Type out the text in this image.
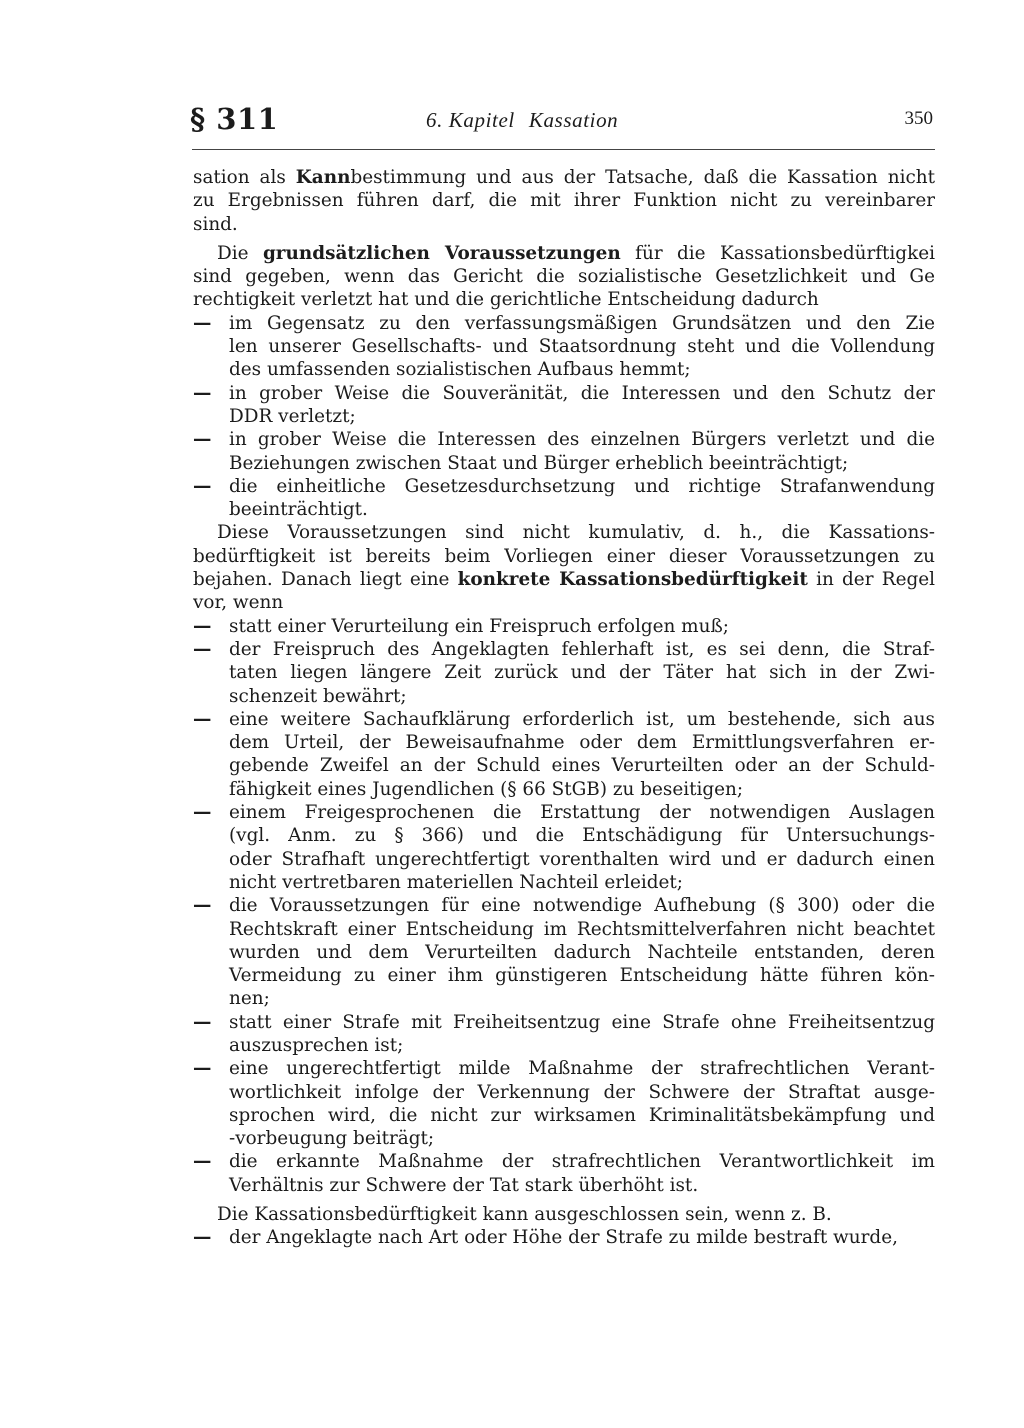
§ 311	6. Kapitel Kassation	350
sation als Kannbestimmung und aus der Tatsache, daß die Kassation nicht
zu Ergebnissen führen darf, die mit ihrer Funktion nicht zu vereinbarer
sind.
Die grundsätzlichen Voraussetzungen für die Kassationsbedürftigkei
sind gegeben, wenn das Gericht die sozialistische Gesetzlichkeit und Ge
rechtigkeit verletzt hat und die gerichtliche Entscheidung dadurch
— im Gegensatz zu den verfassungsmäßigen Grundsätzen und den Zie
len unserer Gesellschafts- und Staatsordnung steht und die Vollendung
des umfassenden sozialistischen Aufbaus hemmt;
— in grober Weise die Souveränität, die Interessen und den Schutz der
DDR verletzt;
— in grober Weise die Interessen des einzelnen Bürgers verletzt und die
Beziehungen zwischen Staat und Bürger erheblich beeinträchtigt;
— die einheitliche Gesetzesdurchsetzung und richtige Strafanwendung
beeinträchtigt.
Diese Voraussetzungen sind nicht kumulativ, d. h., die Kassations-
bedürftigkeit ist bereits beim Vorliegen einer dieser Voraussetzungen zu
bejahen. Danach liegt eine konkrete Kassationsbedürftigkeit in der Regel
vor, wenn
— statt einer Verurteilung ein Freispruch erfolgen muß;
— der Freispruch des Angeklagten fehlerhaft ist, es sei denn, die Straf-
taten liegen längere Zeit zurück und der Täter hat sich in der Zwi-
schenzeit bewährt;
— eine weitere Sachaufklärung erforderlich ist, um bestehende, sich aus
dem Urteil, der Beweisaufnahme oder dem Ermittlungsverfahren er-
gebende Zweifel an der Schuld eines Verurteilten oder an der Schuld-
fähigkeit eines Jugendlichen (§ 66 StGB) zu beseitigen;
— einem Freigesprochenen die Erstattung der notwendigen Auslagen
(vgl. Anm. zu § 366) und die Entschädigung für Untersuchungs-
oder Strafhaft ungerechtfertigt vorenthalten wird und er dadurch einen
nicht vertretbaren materiellen Nachteil erleidet;
— die Voraussetzungen für eine notwendige Aufhebung (§ 300) oder die
Rechtskraft einer Entscheidung im Rechtsmittelverfahren nicht beachtet
wurden und dem Verurteilten dadurch Nachteile entstanden, deren
Vermeidung zu einer ihm günstigeren Entscheidung hätte führen kön-
nen;
— statt einer Strafe mit Freiheitsentzug eine Strafe ohne Freiheitsentzug
auszusprechen ist;
— eine ungerechtfertigt milde Maßnahme der strafrechtlichen Verant-
wortlichkeit infolge der Verkennung der Schwere der Straftat ausge-
sprochen wird, die nicht zur wirksamen Kriminalitätsbekämpfung und
-vorbeugung beiträgt;
— die erkannte Maßnahme der strafrechtlichen Verantwortlichkeit im
Verhältnis zur Schwere der Tat stark überhöht ist.
Die Kassationsbedürftigkeit kann ausgeschlossen sein, wenn z. B.
— der Angeklagte nach Art oder Höhe der Strafe zu milde bestraft wurde,
